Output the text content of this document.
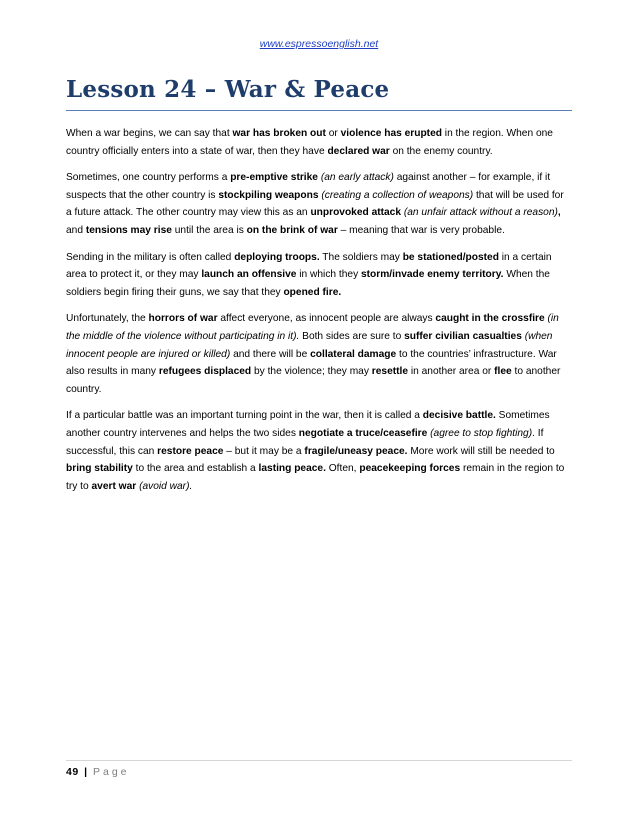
www.espressoenglish.net
Lesson 24 – War & Peace

When a war begins, we can say that war has broken out or violence has erupted in the region. When one country officially enters into a state of war, then they have declared war on the enemy country.

Sometimes, one country performs a pre-emptive strike (an early attack) against another – for example, if it suspects that the other country is stockpiling weapons (creating a collection of weapons) that will be used for a future attack. The other country may view this as an unprovoked attack (an unfair attack without a reason), and tensions may rise until the area is on the brink of war – meaning that war is very probable.

Sending in the military is often called deploying troops. The soldiers may be stationed/posted in a certain area to protect it, or they may launch an offensive in which they storm/invade enemy territory. When the soldiers begin firing their guns, we say that they opened fire.

Unfortunately, the horrors of war affect everyone, as innocent people are always caught in the crossfire (in the middle of the violence without participating in it). Both sides are sure to suffer civilian casualties (when innocent people are injured or killed) and there will be collateral damage to the countries’ infrastructure. War also results in many refugees displaced by the violence; they may resettle in another area or flee to another country.

If a particular battle was an important turning point in the war, then it is called a decisive battle. Sometimes another country intervenes and helps the two sides negotiate a truce/ceasefire (agree to stop fighting). If successful, this can restore peace – but it may be a fragile/uneasy peace. More work will still be needed to bring stability to the area and establish a lasting peace. Often, peacekeeping forces remain in the region to try to avert war (avoid war).

49 | Page
